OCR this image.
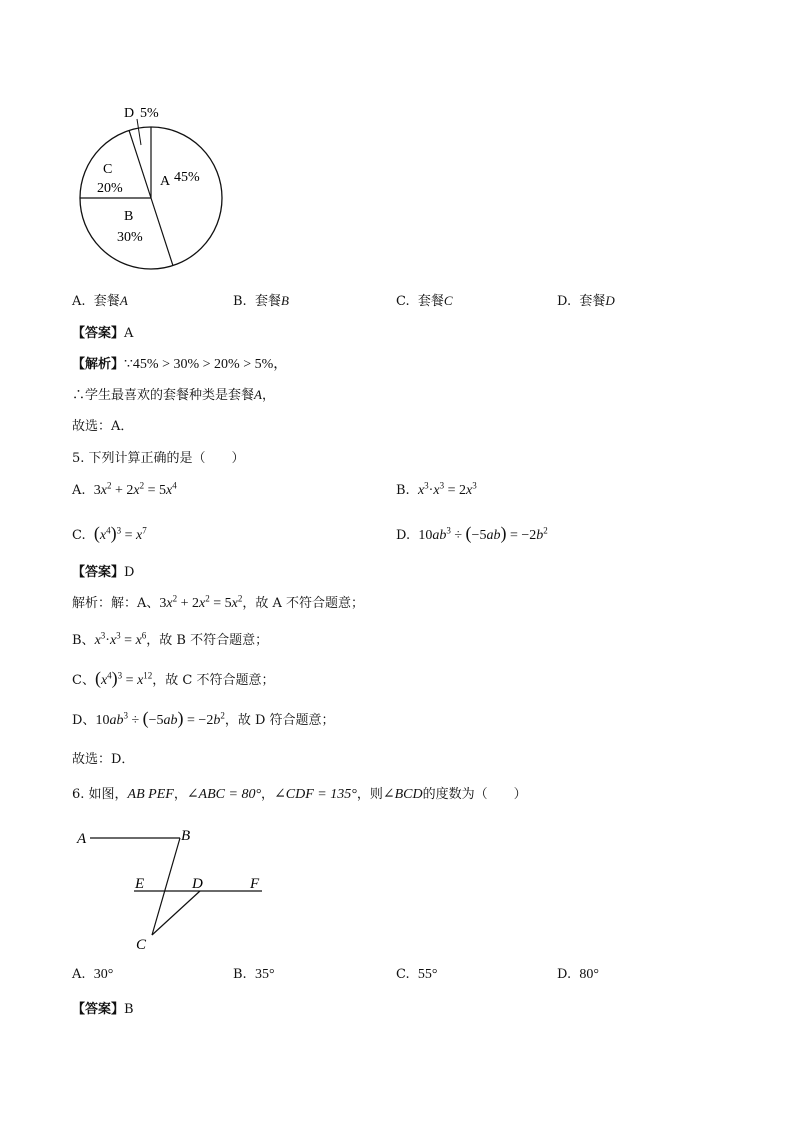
D 5%
A 45%
C
20%
B
30%
A. 套餐A	B. 套餐B	C. 套餐C	D. 套餐D
【答案】A
【解析】∵45% > 30% > 20% > 5%，
∴学生最喜欢的套餐种类是套餐A，
故选：A．
5. 下列计算正确的是（　　）
A.  $3x^2 + 2x^2 = 5x^4$	B.  $x^3\cdot x^3 = 2x^3$
C.  $(x^4)^3 = x^7$	D.  $10ab^3 \div (-5ab) = -2b^2$
【答案】D
解析：解：A、$3x^2 + 2x^2 = 5x^2$，故 A 不符合题意；
B、$x^3\cdot x^3 = x^6$，故 B 不符合题意；
C、$(x^4)^3 = x^{12}$，故 C 不符合题意；
D、$10ab^3 \div (-5ab) = -2b^2$，故 D 符合题意；
故选：D．
6. 如图，AB PEF，∠ABC = 80°，∠CDF = 135°，则∠BCD的度数为（　　）
A	B
E	D	F
C
A. 30°	B. 35°	C. 55°	D. 80°
【答案】B
